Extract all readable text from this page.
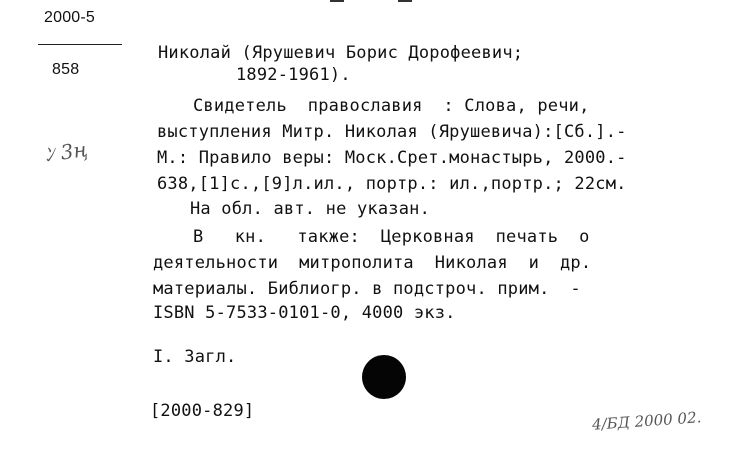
2000-5
858
ﾝ 3ң
Николай (Ярушевич Борис Дорофеевич;
1892-1961).
Свидетель  православия  : Слова, речи,
выступления Митр. Николая (Ярушевича):[Сб.].-
М.: Правило веры: Моск.Срет.монастырь, 2000.-
638,[1]с.,[9]л.ил., портр.: ил.,портр.; 22см.
На обл. авт. не указан.
В   кн.   также:  Церковная  печать  о
деятельности  митрополита  Николая  и  др.
материалы. Библиогр. в подстроч. прим.  -
ISBN 5-7533-0101-0, 4000 экз.
I. Загл.
[2000-829]	4/БД 2000 02.
